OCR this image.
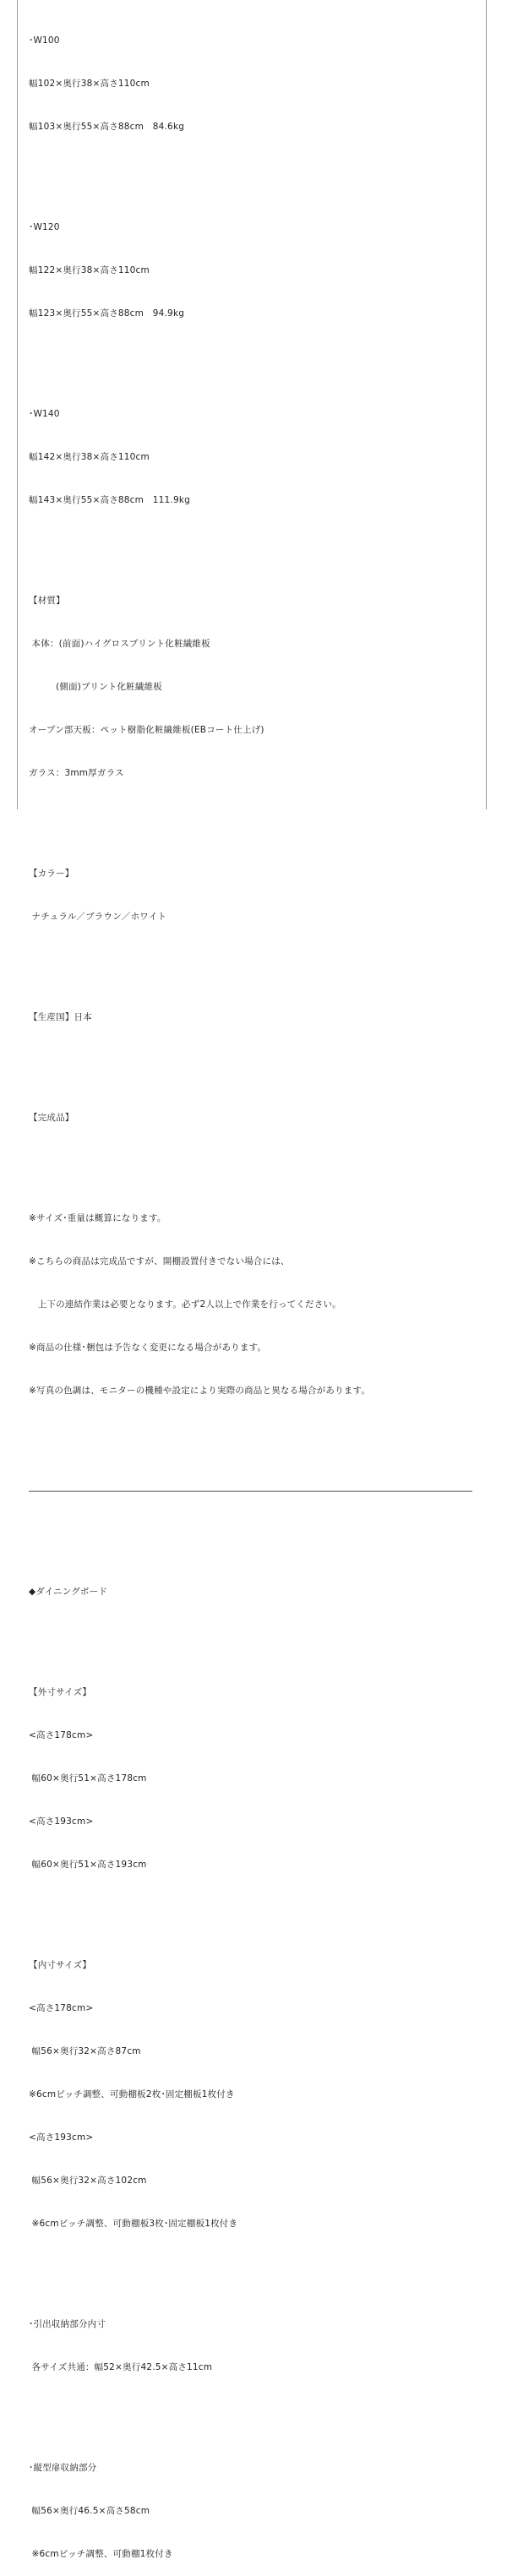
･W100

幅102×奥行38×高さ110cm

幅103×奥行55×高さ88cm　84.6kg

･W120

幅122×奥行38×高さ110cm

幅123×奥行55×高さ88cm　94.9kg

･W140

幅142×奥行38×高さ110cm

幅143×奥行55×高さ88cm　111.9kg

【材質】

本体：(前面)ハイグロスプリント化粧繊維板

　　　(側面)プリント化粧繊維板

オープン部天板：ペット樹脂化粧繊維板(EBコート仕上げ)

ガラス：3mm厚ガラス

【カラー】

ナチュラル／ブラウン／ホワイト

【生産国】日本

【完成品】

※サイズ･重量は概算になります。

※こちらの商品は完成品ですが、開棚設置付きでない場合には、

　上下の連結作業は必要となります。必ず2人以上で作業を行ってください。

※商品の仕様･梱包は予告なく変更になる場合があります。

※写真の色調は、モニターの機種や設定により実際の商品と異なる場合があります。

――――――――――――――――――――――――――――――――――――――――――――――――――

◆ダイニングボード

【外寸サイズ】

<高さ178cm>

幅60×奥行51×高さ178cm

<高さ193cm>

幅60×奥行51×高さ193cm

【内寸サイズ】

<高さ178cm>

幅56×奥行32×高さ87cm

※6cmピッチ調整、可動棚板2枚･固定棚板1枚付き

<高さ193cm>

幅56×奥行32×高さ102cm

※6cmピッチ調整、可動棚板3枚･固定棚板1枚付き

･引出収納部分内寸

各サイズ共通：幅52×奥行42.5×高さ11cm

･縦型扉収納部分

幅56×奥行46.5×高さ58cm

※6cmピッチ調整、可動棚1枚付き
